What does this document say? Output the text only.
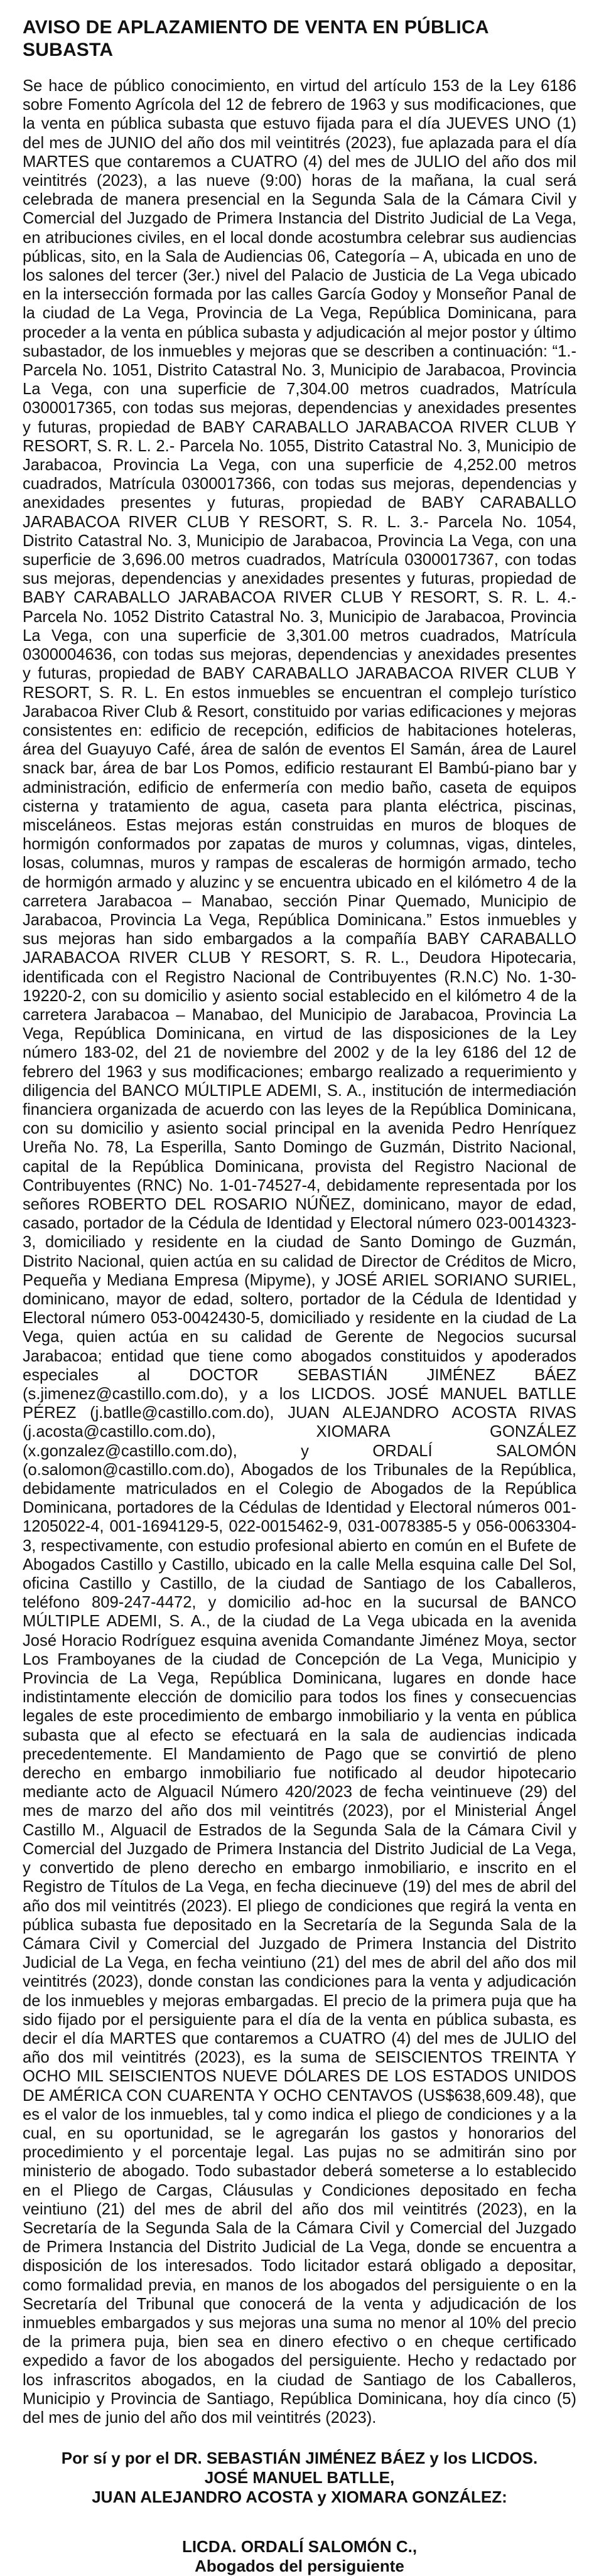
AVISO DE APLAZAMIENTO DE VENTA EN PÚBLICA SUBASTA

Se hace de público conocimiento, en virtud del artículo 153 de la Ley 6186 sobre Fomento Agrícola del 12 de febrero de 1963 y sus modificaciones, que la venta en pública subasta que estuvo fijada para el día JUEVES UNO (1) del mes de JUNIO del año dos mil veintitrés (2023), fue aplazada para el día MARTES que contaremos a CUATRO (4) del mes de JULIO del año dos mil veintitrés (2023), a las nueve (9:00) horas de la mañana, la cual será celebrada de manera presencial en la Segunda Sala de la Cámara Civil y Comercial del Juzgado de Primera Instancia del Distrito Judicial de La Vega, en atribuciones civiles, en el local donde acostumbra celebrar sus audiencias públicas, sito, en la Sala de Audiencias 06, Categoría – A, ubicada en uno de los salones del tercer (3er.) nivel del Palacio de Justicia de La Vega ubicado en la intersección formada por las calles García Godoy y Monseñor Panal de la ciudad de La Vega, Provincia de La Vega, República Dominicana, para proceder a la venta en pública subasta y adjudicación al mejor postor y último subastador, de los inmuebles y mejoras que se describen a continuación: “1.- Parcela No. 1051, Distrito Catastral No. 3, Municipio de Jarabacoa, Provincia La Vega, con una superficie de 7,304.00 metros cuadrados, Matrícula 0300017365, con todas sus mejoras, dependencias y anexidades presentes y futuras, propiedad de BABY CARABALLO JARABACOA RIVER CLUB Y RESORT, S. R. L. 2.- Parcela No. 1055, Distrito Catastral No. 3, Municipio de Jarabacoa, Provincia La Vega, con una superficie de 4,252.00 metros cuadrados, Matrícula 0300017366, con todas sus mejoras, dependencias y anexidades presentes y futuras, propiedad de BABY CARABALLO JARABACOA RIVER CLUB Y RESORT, S. R. L. 3.- Parcela No. 1054, Distrito Catastral No. 3, Municipio de Jarabacoa, Provincia La Vega, con una superficie de 3,696.00 metros cuadrados, Matrícula 0300017367, con todas sus mejoras, dependencias y anexidades presentes y futuras, propiedad de BABY CARABALLO JARABACOA RIVER CLUB Y RESORT, S. R. L. 4.- Parcela No. 1052 Distrito Catastral No. 3, Municipio de Jarabacoa, Provincia La Vega, con una superficie de 3,301.00 metros cuadrados, Matrícula 0300004636, con todas sus mejoras, dependencias y anexidades presentes y futuras, propiedad de BABY CARABALLO JARABACOA RIVER CLUB Y RESORT, S. R. L. En estos inmuebles se encuentran el complejo turístico Jarabacoa River Club & Resort, constituido por varias edificaciones y mejoras consistentes en: edificio de recepción, edificios de habitaciones hoteleras, área del Guayuyo Café, área de salón de eventos El Samán, área de Laurel snack bar, área de bar Los Pomos, edificio restaurant El Bambú-piano bar y administración, edificio de enfermería con medio baño, caseta de equipos cisterna y tratamiento de agua, caseta para planta eléctrica, piscinas, misceláneos. Estas mejoras están construidas en muros de bloques de hormigón conformados por zapatas de muros y columnas, vigas, dinteles, losas, columnas, muros y rampas de escaleras de hormigón armado, techo de hormigón armado y aluzinc y se encuentra ubicado en el kilómetro 4 de la carretera Jarabacoa – Manabao, sección Pinar Quemado, Municipio de Jarabacoa, Provincia La Vega, República Dominicana.” Estos inmuebles y sus mejoras han sido embargados a la compañía BABY CARABALLO JARABACOA RIVER CLUB Y RESORT, S. R. L., Deudora Hipotecaria, identificada con el Registro Nacional de Contribuyentes (R.N.C) No. 1-30-19220-2, con su domicilio y asiento social establecido en el kilómetro 4 de la carretera Jarabacoa – Manabao, del Municipio de Jarabacoa, Provincia La Vega, República Dominicana, en virtud de las disposiciones de la Ley número 183-02, del 21 de noviembre del 2002 y de la ley 6186 del 12 de febrero del 1963 y sus modificaciones; embargo realizado a requerimiento y diligencia del BANCO MÚLTIPLE ADEMI, S. A., institución de intermediación financiera organizada de acuerdo con las leyes de la República Dominicana, con su domicilio y asiento social principal en la avenida Pedro Henríquez Ureña No. 78, La Esperilla, Santo Domingo de Guzmán, Distrito Nacional, capital de la República Dominicana, provista del Registro Nacional de Contribuyentes (RNC) No. 1-01-74527-4, debidamente representada por los señores ROBERTO DEL ROSARIO NÚÑEZ, dominicano, mayor de edad, casado, portador de la Cédula de Identidad y Electoral número 023-0014323-3, domiciliado y residente en la ciudad de Santo Domingo de Guzmán, Distrito Nacional, quien actúa en su calidad de Director de Créditos de Micro, Pequeña y Mediana Empresa (Mipyme), y JOSÉ ARIEL SORIANO SURIEL, dominicano, mayor de edad, soltero, portador de la Cédula de Identidad y Electoral número 053-0042430-5, domiciliado y residente en la ciudad de La Vega, quien actúa en su calidad de Gerente de Negocios sucursal Jarabacoa; entidad que tiene como abogados constituidos y apoderados especiales al DOCTOR SEBASTIÁN JIMÉNEZ BÁEZ (s.jimenez@castillo.com.do), y a los LICDOS. JOSÉ MANUEL BATLLE PÉREZ (j.batlle@castillo.com.do), JUAN ALEJANDRO ACOSTA RIVAS (j.acosta@castillo.com.do), XIOMARA GONZÁLEZ (x.gonzalez@castillo.com.do), y ORDALÍ SALOMÓN (o.salomon@castillo.com.do), Abogados de los Tribunales de la República, debidamente matriculados en el Colegio de Abogados de la República Dominicana, portadores de la Cédulas de Identidad y Electoral números 001-1205022-4, 001-1694129-5, 022-0015462-9, 031-0078385-5 y 056-0063304-3, respectivamente, con estudio profesional abierto en común en el Bufete de Abogados Castillo y Castillo, ubicado en la calle Mella esquina calle Del Sol, oficina Castillo y Castillo, de la ciudad de Santiago de los Caballeros, teléfono 809-247-4472, y domicilio ad-hoc en la sucursal de BANCO MÚLTIPLE ADEMI, S. A., de la ciudad de La Vega ubicada en la avenida José Horacio Rodríguez esquina avenida Comandante Jiménez Moya, sector Los Framboyanes de la ciudad de Concepción de La Vega, Municipio y Provincia de La Vega, República Dominicana, lugares en donde hace indistintamente elección de domicilio para todos los fines y consecuencias legales de este procedimiento de embargo inmobiliario y la venta en pública subasta que al efecto se efectuará en la sala de audiencias indicada precedentemente. El Mandamiento de Pago que se convirtió de pleno derecho en embargo inmobiliario fue notificado al deudor hipotecario mediante acto de Alguacil Número 420/2023 de fecha veintinueve (29) del mes de marzo del año dos mil veintitrés (2023), por el Ministerial Ángel Castillo M., Alguacil de Estrados de la Segunda Sala de la Cámara Civil y Comercial del Juzgado de Primera Instancia del Distrito Judicial de La Vega, y convertido de pleno derecho en embargo inmobiliario, e inscrito en el Registro de Títulos de La Vega, en fecha diecinueve (19) del mes de abril del año dos mil veintitrés (2023). El pliego de condiciones que regirá la venta en pública subasta fue depositado en la Secretaría de la Segunda Sala de la Cámara Civil y Comercial del Juzgado de Primera Instancia del Distrito Judicial de La Vega, en fecha veintiuno (21) del mes de abril del año dos mil veintitrés (2023), donde constan las condiciones para la venta y adjudicación de los inmuebles y mejoras embargadas. El precio de la primera puja que ha sido fijado por el persiguiente para el día de la venta en pública subasta, es decir el día MARTES que contaremos a CUATRO (4) del mes de JULIO del año dos mil veintitrés (2023), es la suma de SEISCIENTOS TREINTA Y OCHO MIL SEISCIENTOS NUEVE DÓLARES DE LOS ESTADOS UNIDOS DE AMÉRICA CON CUARENTA Y OCHO CENTAVOS (US$638,609.48), que es el valor de los inmuebles, tal y como indica el pliego de condiciones y a la cual, en su oportunidad, se le agregarán los gastos y honorarios del procedimiento y el porcentaje legal. Las pujas no se admitirán sino por ministerio de abogado. Todo subastador deberá someterse a lo establecido en el Pliego de Cargas, Cláusulas y Condiciones depositado en fecha veintiuno (21) del mes de abril del año dos mil veintitrés (2023), en la Secretaría de la Segunda Sala de la Cámara Civil y Comercial del Juzgado de Primera Instancia del Distrito Judicial de La Vega, donde se encuentra a disposición de los interesados. Todo licitador estará obligado a depositar, como formalidad previa, en manos de los abogados del persiguiente o en la Secretaría del Tribunal que conocerá de la venta y adjudicación de los inmuebles embargados y sus mejoras una suma no menor al 10% del precio de la primera puja, bien sea en dinero efectivo o en cheque certificado expedido a favor de los abogados del persiguiente. Hecho y redactado por los infrascritos abogados, en la ciudad de Santiago de los Caballeros, Municipio y Provincia de Santiago, República Dominicana, hoy día cinco (5) del mes de junio del año dos mil veintitrés (2023).

Por sí y por el DR. SEBASTIÁN JIMÉNEZ BÁEZ y los LICDOS.
JOSÉ MANUEL BATLLE,
JUAN ALEJANDRO ACOSTA y XIOMARA GONZÁLEZ:
LICDA. ORDALÍ SALOMÓN C.,
Abogados del persiguiente
